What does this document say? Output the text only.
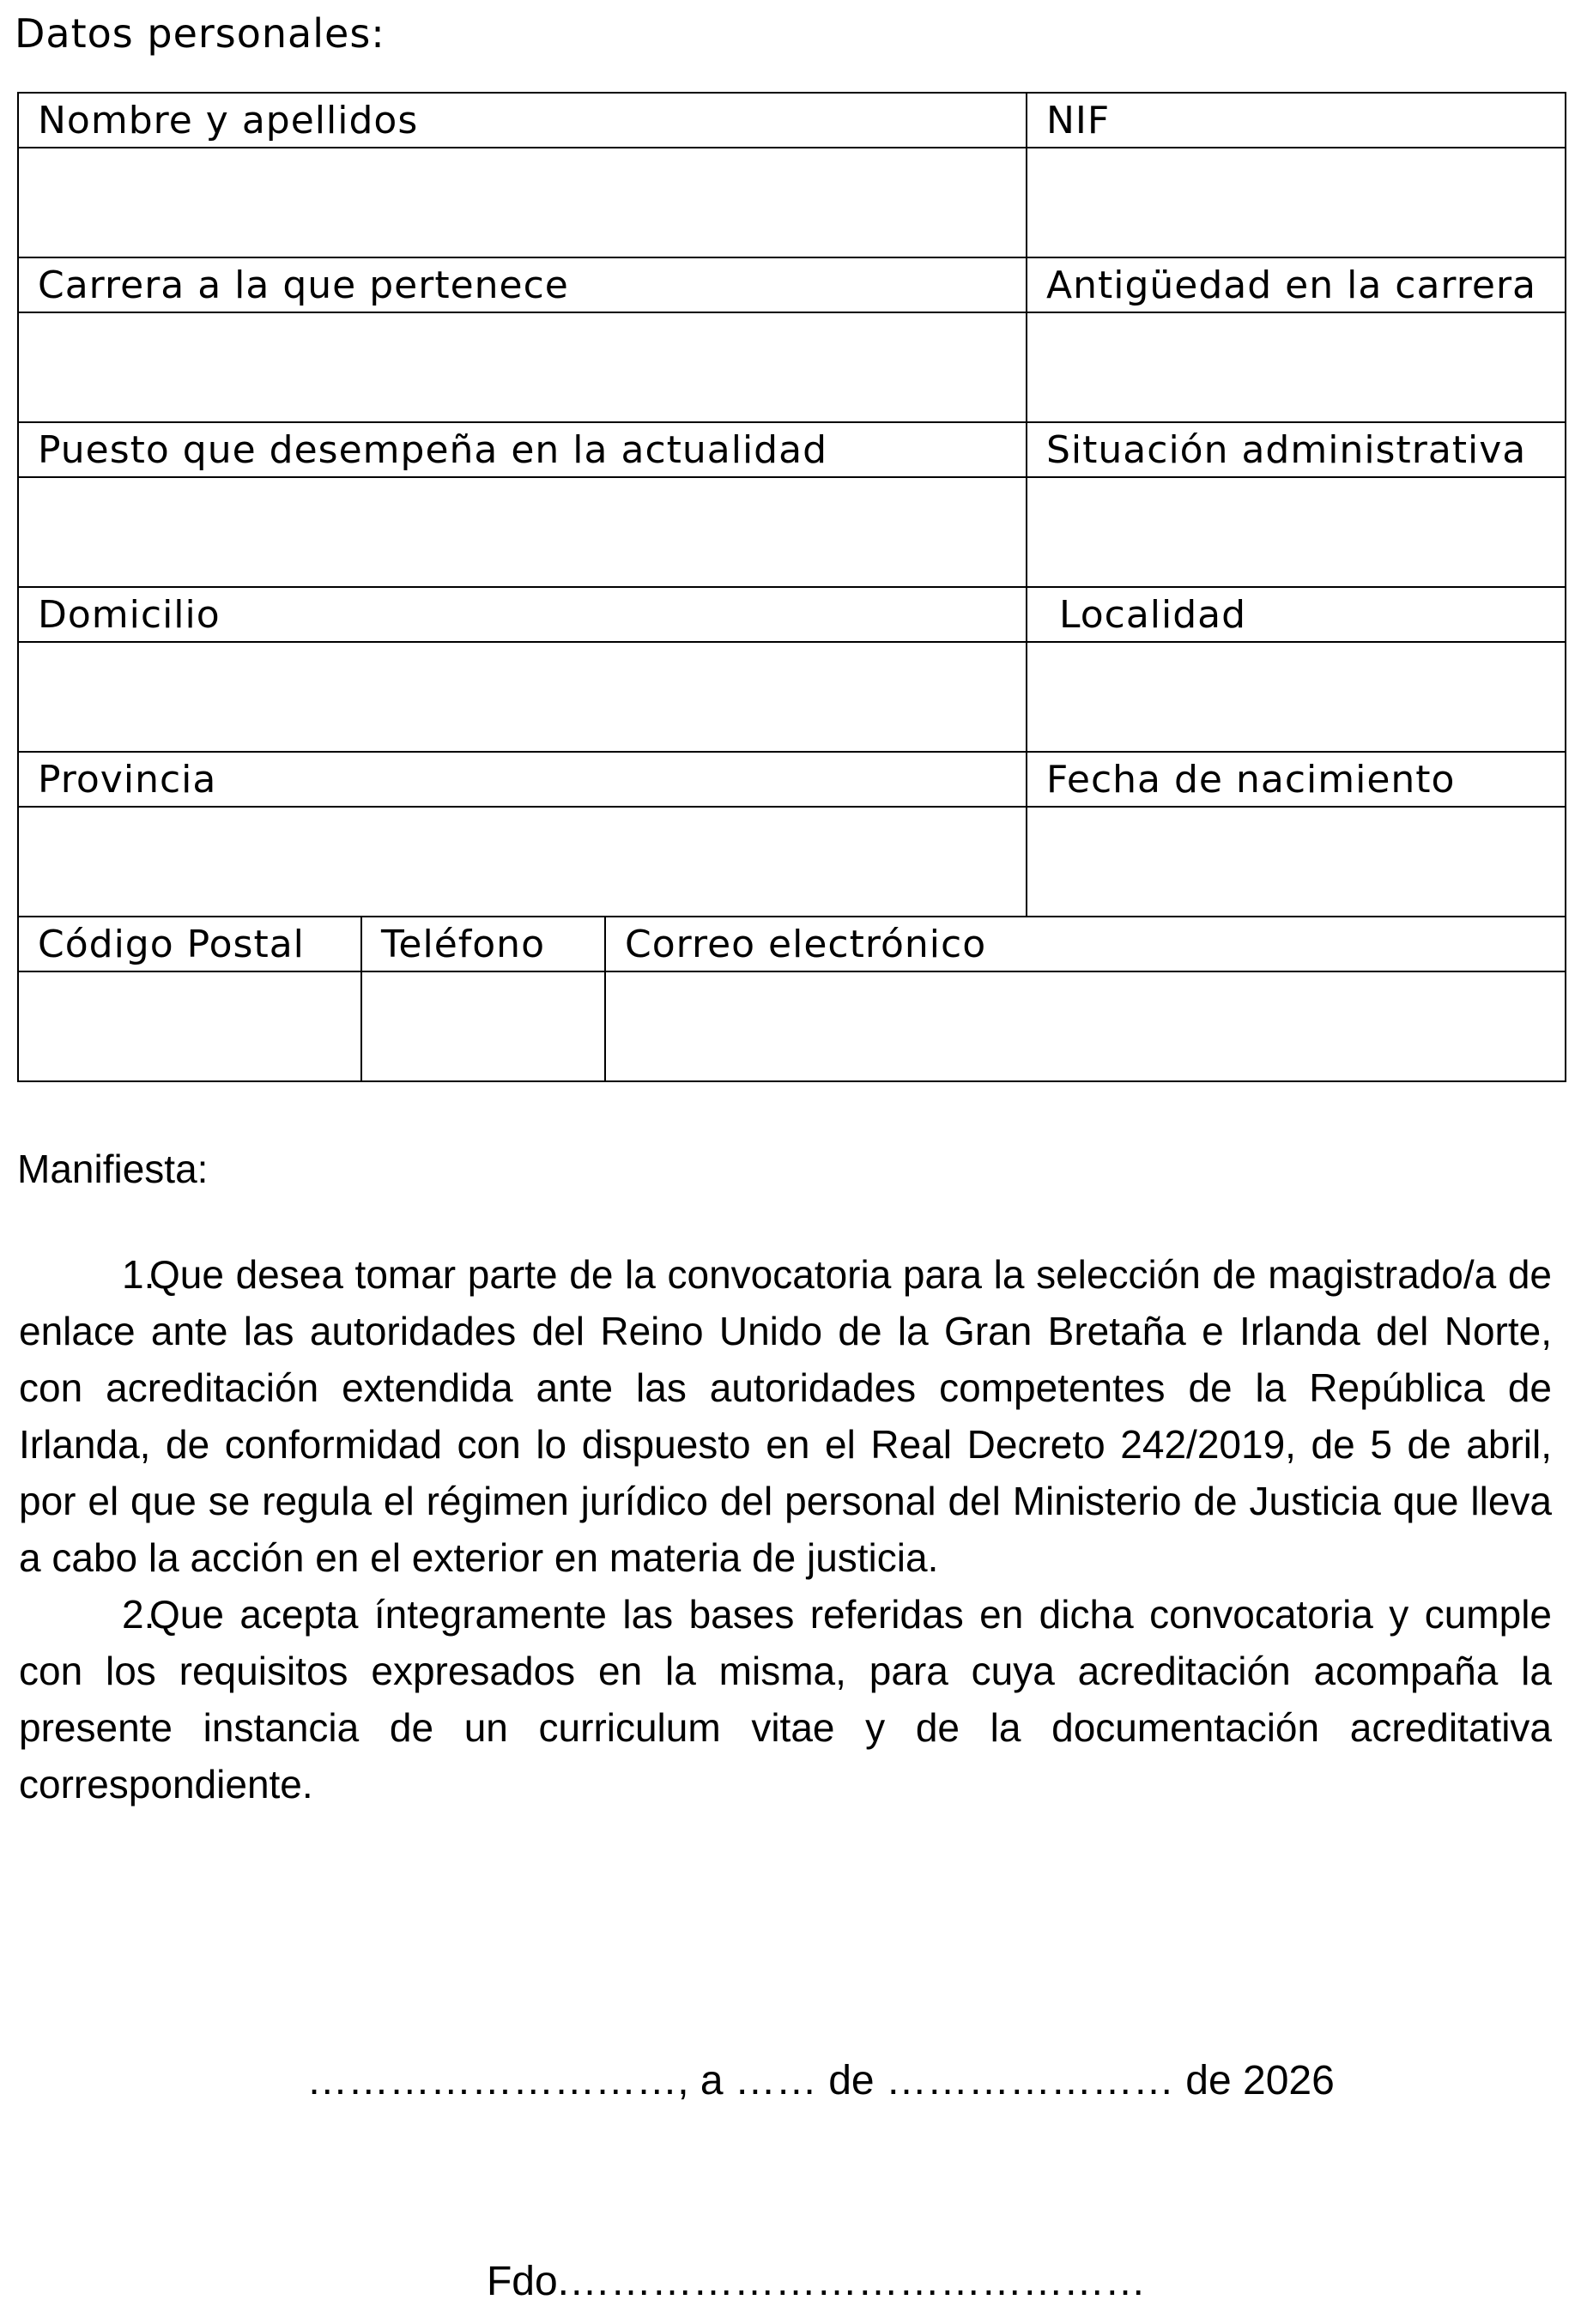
Datos personales:
Nombre y apellidos			NIF

Carrera a la que pertenece			Antigüedad en la carrera

Puesto que desempeña en la actualidad			Situación administrativa

Domicilio			Localidad

Provincia			Fecha de nacimiento

Código Postal	Teléfono	Correo electrónico	

Manifiesta:

1.Que desea tomar parte de la convocatoria para la selección de magistrado/a de enlace ante las autoridades del Reino Unido de la Gran Bretaña e Irlanda del Norte, con acreditación extendida ante las autoridades competentes de la República de Irlanda, de conformidad con lo dispuesto en el Real Decreto 242/2019, de 5 de abril, por el que se regula el régimen jurídico del personal del Ministerio de Justicia que lleva a cabo la acción en el exterior en materia de justicia.

2.Que acepta íntegramente las bases referidas en dicha convocatoria y cumple con los requisitos expresados en la misma, para cuya acreditación acompaña la presente instancia de un curriculum vitae y de la documentación acreditativa correspondiente.

………………………, a …… de ………………… de 2026
Fdo.……………………………………
